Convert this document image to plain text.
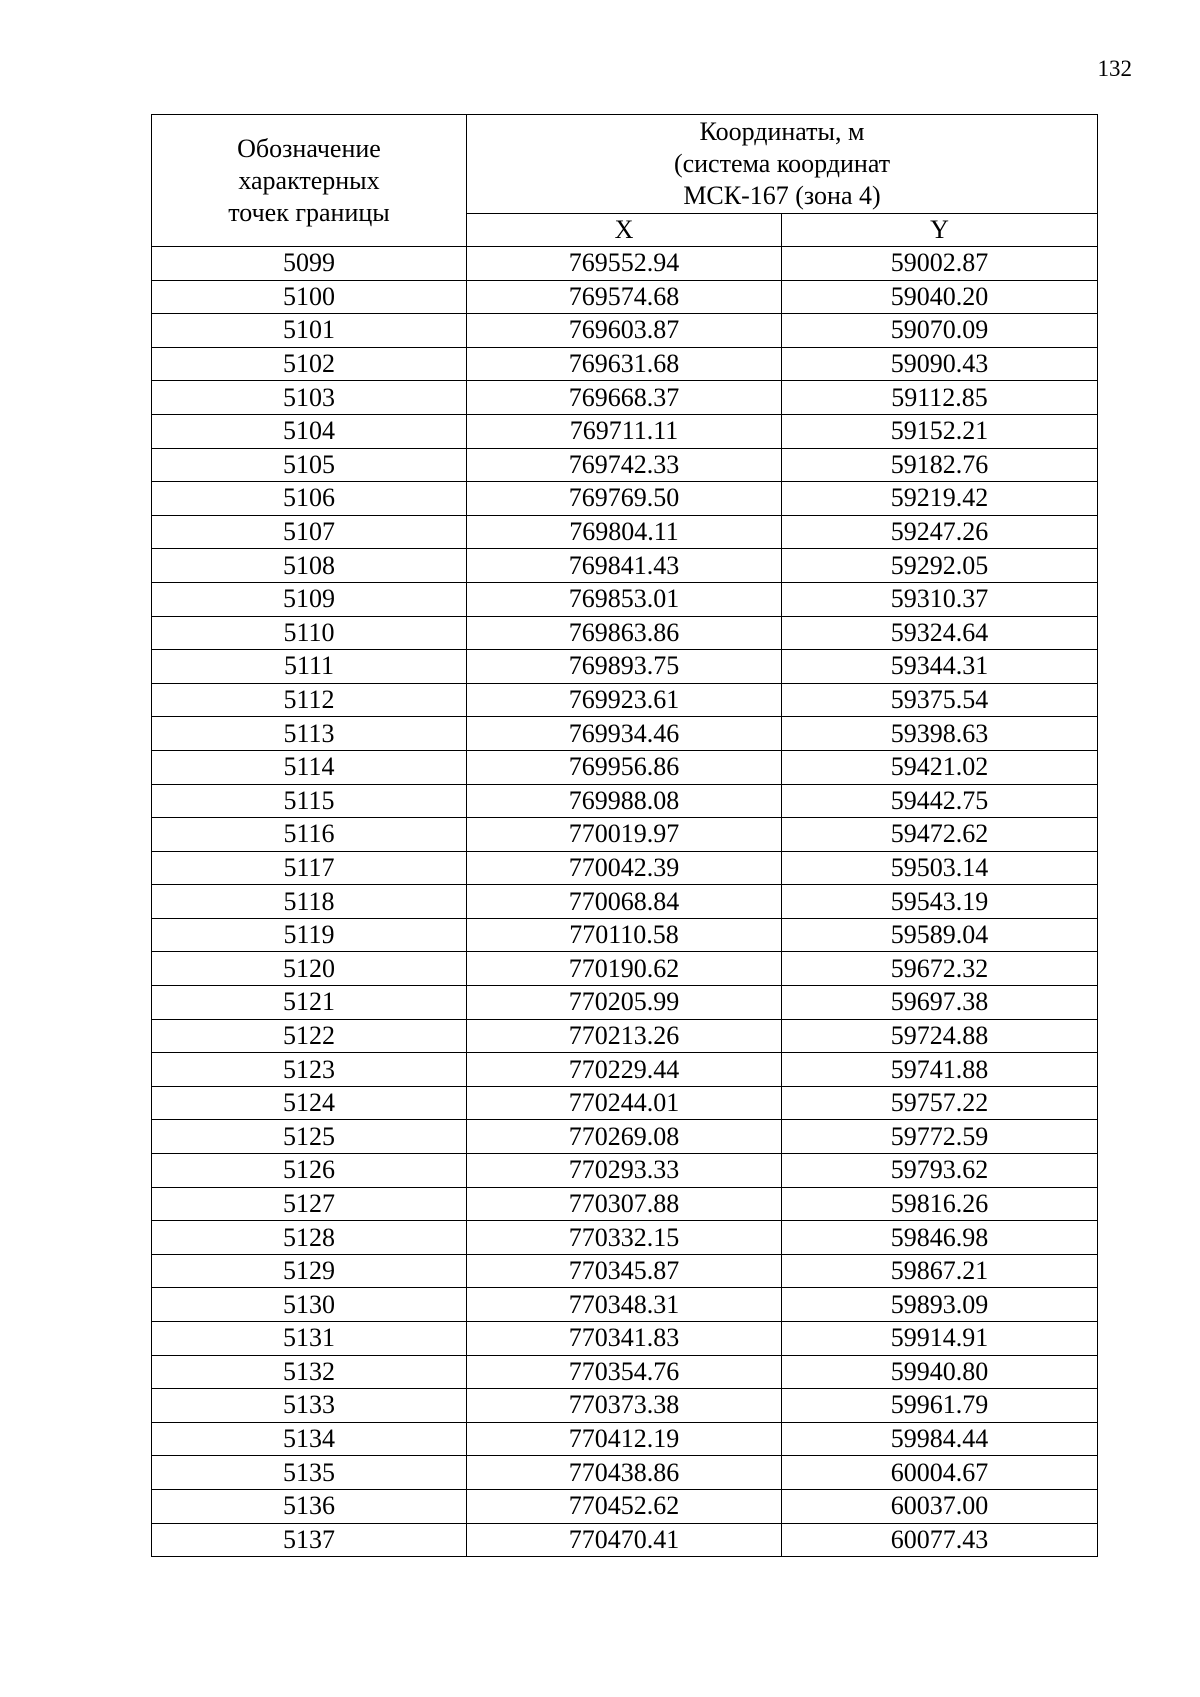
132
Обозначение
характерных
точек границы	Координаты, м
(система координат
МСК-167 (зона 4)	

	X	Y
5099	769552.94	59002.87
5100	769574.68	59040.20
5101	769603.87	59070.09
5102	769631.68	59090.43
5103	769668.37	59112.85
5104	769711.11	59152.21
5105	769742.33	59182.76
5106	769769.50	59219.42
5107	769804.11	59247.26
5108	769841.43	59292.05
5109	769853.01	59310.37
5110	769863.86	59324.64
5111	769893.75	59344.31
5112	769923.61	59375.54
5113	769934.46	59398.63
5114	769956.86	59421.02
5115	769988.08	59442.75
5116	770019.97	59472.62
5117	770042.39	59503.14
5118	770068.84	59543.19
5119	770110.58	59589.04
5120	770190.62	59672.32
5121	770205.99	59697.38
5122	770213.26	59724.88
5123	770229.44	59741.88
5124	770244.01	59757.22
5125	770269.08	59772.59
5126	770293.33	59793.62
5127	770307.88	59816.26
5128	770332.15	59846.98
5129	770345.87	59867.21
5130	770348.31	59893.09
5131	770341.83	59914.91
5132	770354.76	59940.80
5133	770373.38	59961.79
5134	770412.19	59984.44
5135	770438.86	60004.67
5136	770452.62	60037.00
5137	770470.41	60077.43
